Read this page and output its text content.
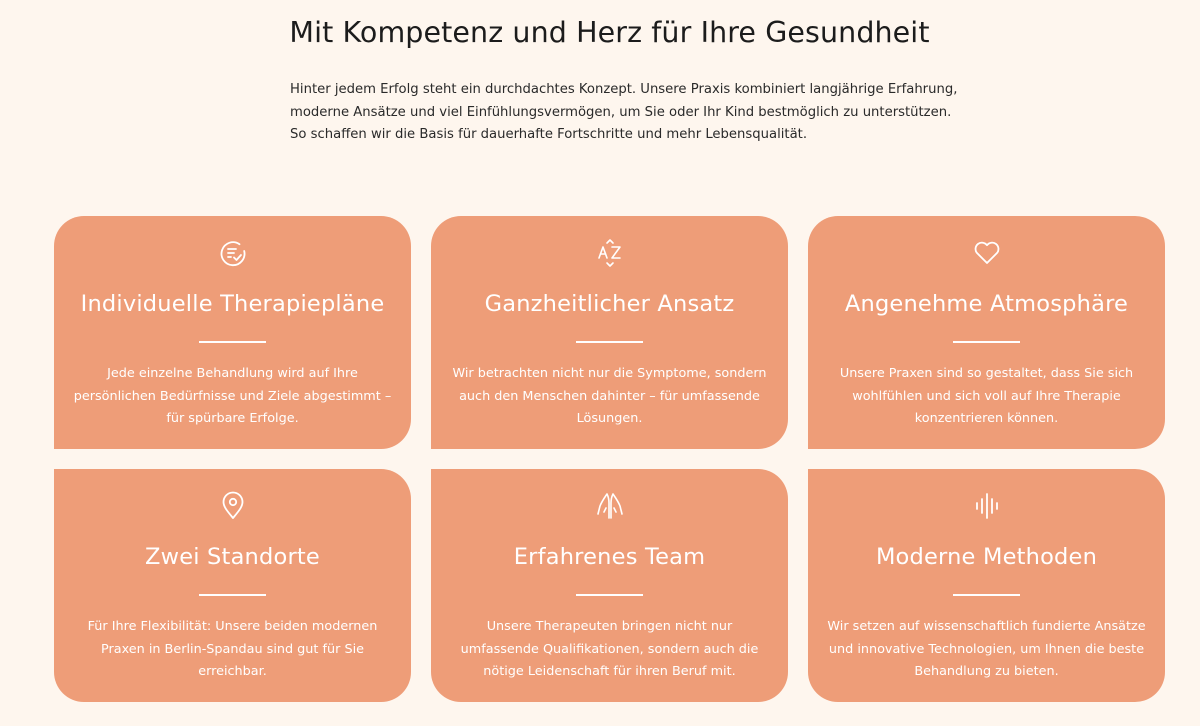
Mit Kompetenz und Herz für Ihre Gesundheit
Hinter jedem Erfolg steht ein durchdachtes Konzept. Unsere Praxis kombiniert langjährige Erfahrung,
moderne Ansätze und viel Einfühlungsvermögen, um Sie oder Ihr Kind bestmöglich zu unterstützen.
So schaffen wir die Basis für dauerhafte Fortschritte und mehr Lebensqualität.
Individuelle Therapiepläne
Jede einzelne Behandlung wird auf Ihre
persönlichen Bedürfnisse und Ziele abgestimmt –
für spürbare Erfolge.
Ganzheitlicher Ansatz
Wir betrachten nicht nur die Symptome, sondern
auch den Menschen dahinter – für umfassende
Lösungen.
Angenehme Atmosphäre
Unsere Praxen sind so gestaltet, dass Sie sich
wohlfühlen und sich voll auf Ihre Therapie
konzentrieren können.
Zwei Standorte
Für Ihre Flexibilität: Unsere beiden modernen
Praxen in Berlin-Spandau sind gut für Sie
erreichbar.
Erfahrenes Team
Unsere Therapeuten bringen nicht nur
umfassende Qualifikationen, sondern auch die
nötige Leidenschaft für ihren Beruf mit.
Moderne Methoden
Wir setzen auf wissenschaftlich fundierte Ansätze
und innovative Technologien, um Ihnen die beste
Behandlung zu bieten.
